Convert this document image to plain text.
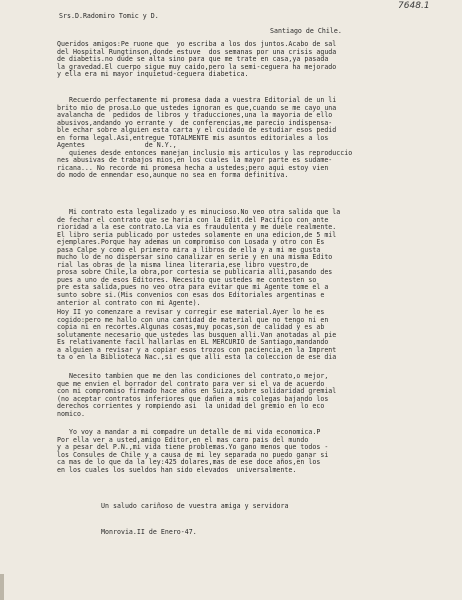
7648.1
Srs.D.Radomiro Tomic y D.
Santiago de Chile.
Queridos amigos:Pe ruone que  yo escriba a los dos juntos.Acabo de sal
del Hospital Rungtinson,donde estuve  dos semanas por una crisis aguda
de diabetis.no dude se alta sino para que me trate en casa,ya pasada
la gravedad.El cuerpo sigue muy caido,pero la semi-ceguera ha mejorado
y ella era mi mayor inquietud-ceguera diabetica.
Recuerdo perfectamente mi promesa dada a vuestra Editorial de un li
brito mio de prosa.Lo que ustedes ignoran es que,cuando se me cayo una
avalancha de  pedidos de libros y traducciones,una la mayoria de ello
abusivos,andando yo errante y  de conferencias,me parecio indispensa-
ble echar sobre alguien esta carta y el cuidado de estudiar esos pedid
en forma legal.Asi,entregue TOTALMENTE mis asuntos editoriales a los
Agentes               de N.Y.,
quienes desde entonces manejan inclusio mis articulos y las reproduccio
nes abusivas de trabajos mios,en los cuales la mayor parte es sudame-
ricana... No recorde mi promesa hecha a ustedes;pero aqui estoy vien
do modo de enmendar eso,aunque no sea en forma definitiva.
Mi contrato esta legalizado y es minucioso.No veo otra salida que la
de fechar el contrato que se haria con la Edit.del Pacifico con ante
rioridad a la ese contrato.La via es fraudulenta y me duele realmente.
El libro seria publicado por ustedes solamente en una edicion,de 5 mil
ejemplares.Porque hay ademas un compromiso con Losada y otro con Es
pasa Calpe y como el primero mira a libros de ella y a mi me gusta
mucho lo de no dispersar sino canalizar en serie y en una misma Edito
rial las obras de la misma linea literaria,ese libro vuestro,de
prosa sobre Chile,la obra,por cortesia se publicaria alli,pasando des
pues a uno de esos Editores. Necesito que ustedes me contesten so
pre esta salida,pues no veo otra para evitar que mi Agente tome el a
sunto sobre si.(Mis convenios con esas dos Editoriales argentinas e
anterior al contrato con mi Agente).
Hoy II yo comenzare a revisar y corregir ese material.Ayer lo he es
cogido:pero me hallo con una cantidad de material que no tengo ni en
copia ni en recortes.Algunas cosas,muy pocas,son de calidad y es ab
solutamente necesario que ustedes las busquen alli.Van anotadas al pie
Es relativamente facil hallarlas en EL MERCURIO de Santiago,mandando
a alguien a revisar y a copiar esos trozos con paciencia,en la Imprent
ta o en la Biblioteca Nac.,si es que alli esta la coleccion de ese dia
Necesito tambien que me den las condiciones del contrato,o mejor,
que me envien el borrador del contrato para ver si el va de acuerdo
con mi compromiso firmado hace años en Suiza,sobre solidaridad gremial
(no aceptar contratos inferiores que dañen a mis colegas bajando los
derechos corrientes y rompiendo asi  la unidad del gremio en lo eco
nomico.
Yo voy a mandar a mi compadre un detalle de mi vida economica.P
Por ella ver a usted,amigo Editor,en el mas caro pais del mundo
y a pesar del P.N.,mi vida tiene problemas.Yo gano menos que todos -
los Consules de Chile y a causa de mi ley separada no puedo ganar si
ca mas de lo que da la ley:425 dolares,mas de ese doce años,en los
en los cuales los sueldos han sido elevados  universalmente.
Un saludo cariñoso de vuestra amiga y servidora
Monrovia.II de Enero-47.
